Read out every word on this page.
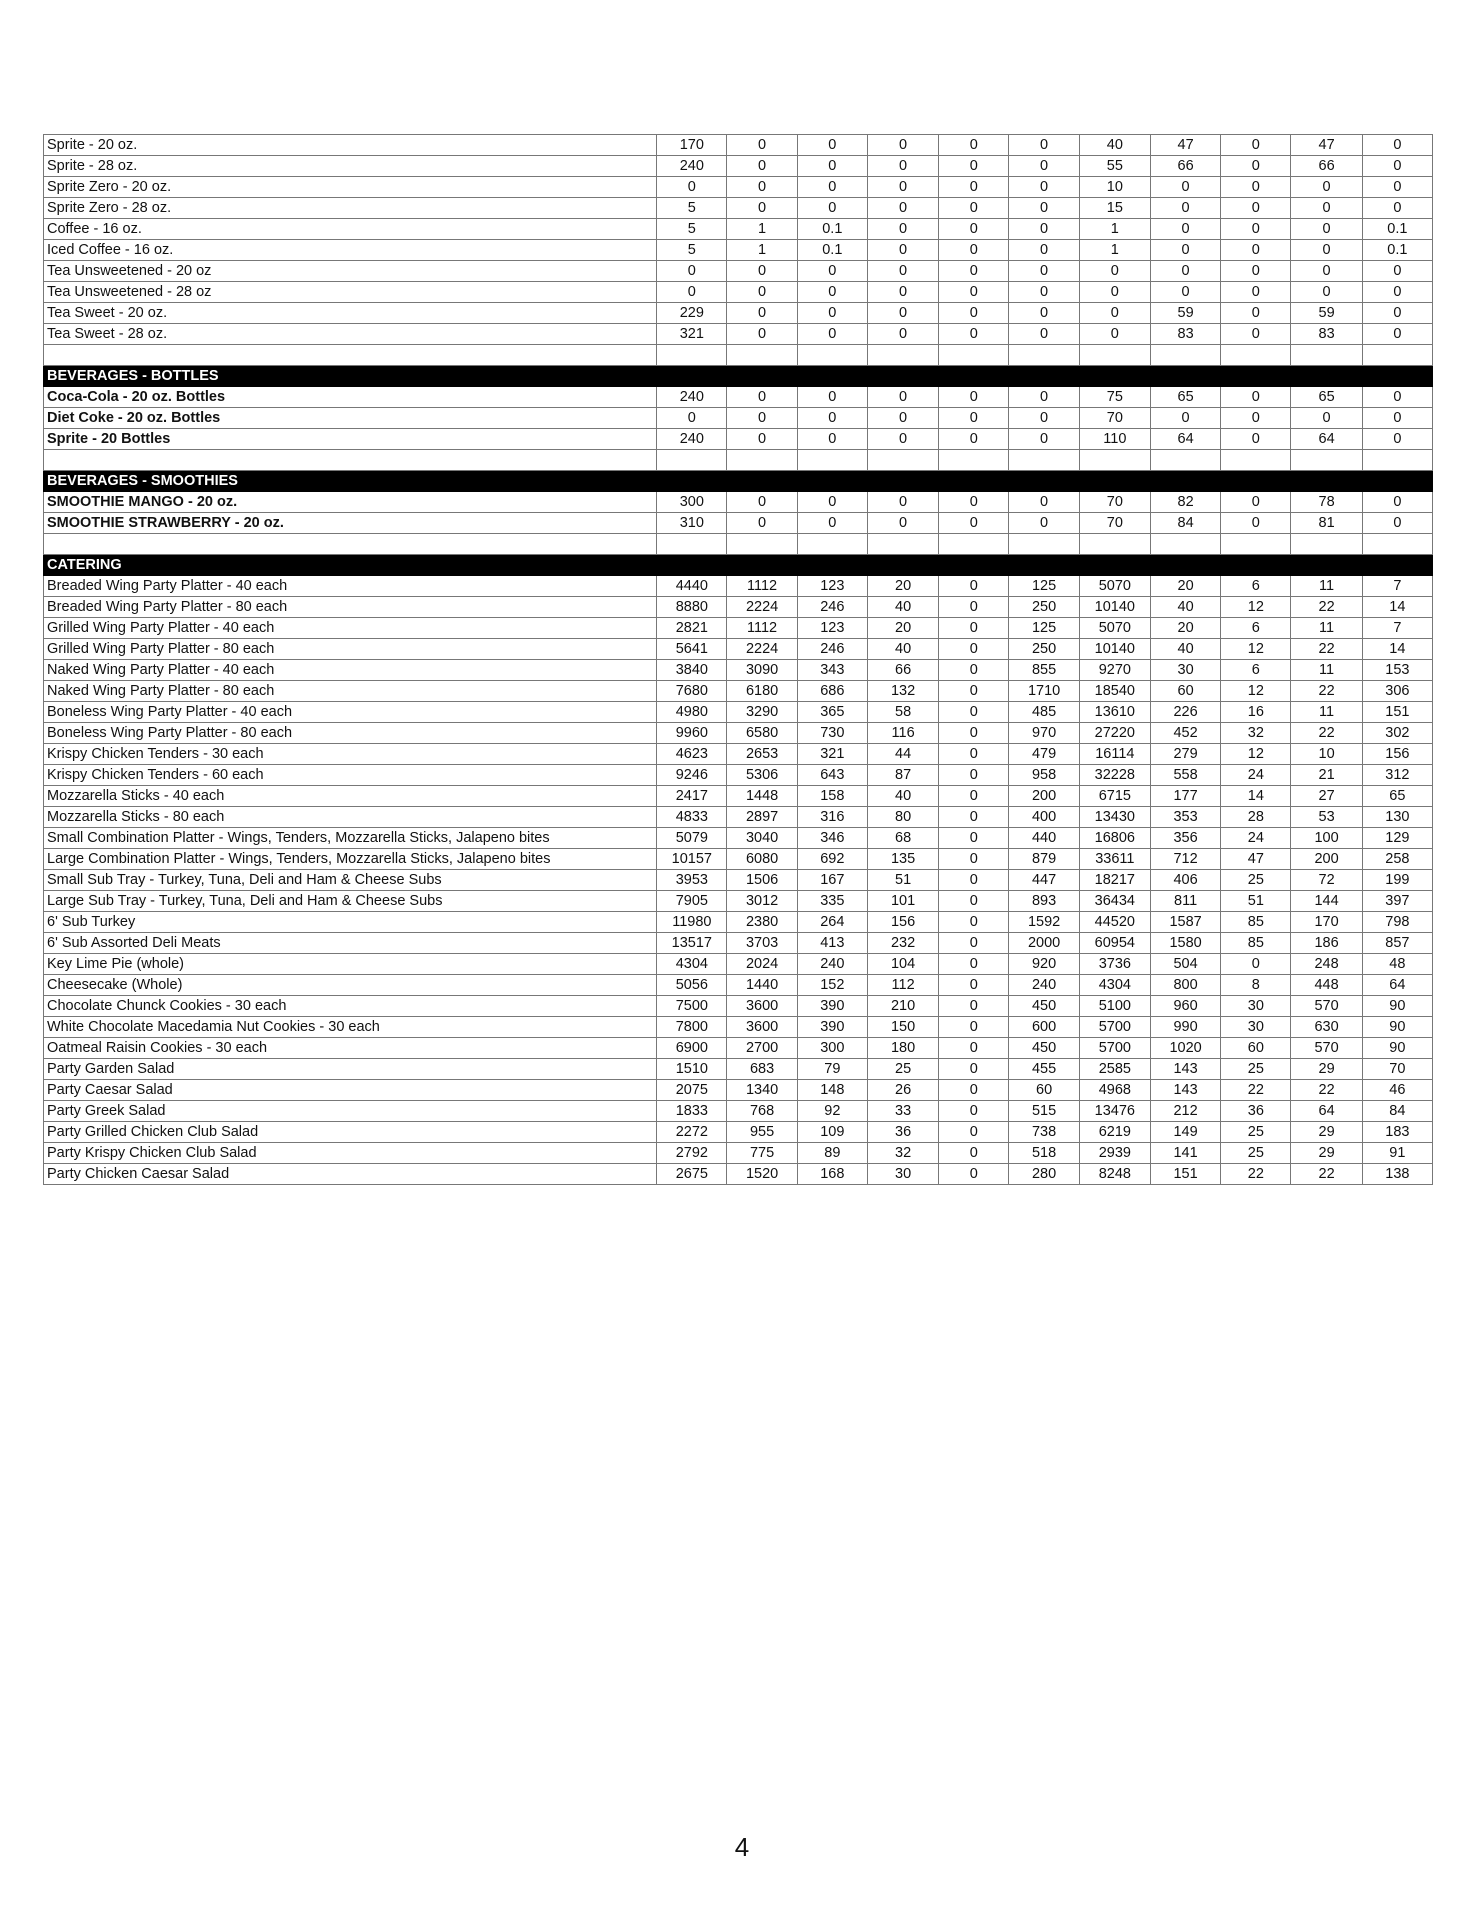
Sprite - 20 oz.	170	0	0	0	0	0	40	47	0	47	0
Sprite - 28 oz.	240	0	0	0	0	0	55	66	0	66	0
Sprite Zero - 20 oz.	0	0	0	0	0	0	10	0	0	0	0
Sprite Zero - 28 oz.	5	0	0	0	0	0	15	0	0	0	0
Coffee - 16 oz.	5	1	0.1	0	0	0	1	0	0	0	0.1
Iced Coffee - 16 oz.	5	1	0.1	0	0	0	1	0	0	0	0.1
Tea Unsweetened - 20 oz	0	0	0	0	0	0	0	0	0	0	0
Tea Unsweetened - 28 oz	0	0	0	0	0	0	0	0	0	0	0
Tea Sweet - 20 oz.	229	0	0	0	0	0	0	59	0	59	0
Tea Sweet - 28 oz.	321	0	0	0	0	0	0	83	0	83	0

BEVERAGES - BOTTLES											
Coca-Cola - 20 oz. Bottles	240	0	0	0	0	0	75	65	0	65	0
Diet Coke - 20 oz. Bottles	0	0	0	0	0	0	70	0	0	0	0
Sprite - 20 Bottles	240	0	0	0	0	0	110	64	0	64	0

BEVERAGES - SMOOTHIES											
SMOOTHIE MANGO - 20 oz.	300	0	0	0	0	0	70	82	0	78	0
SMOOTHIE STRAWBERRY - 20 oz.	310	0	0	0	0	0	70	84	0	81	0

CATERING											
Breaded Wing Party Platter - 40 each	4440	1112	123	20	0	125	5070	20	6	11	7
Breaded Wing Party Platter - 80 each	8880	2224	246	40	0	250	10140	40	12	22	14
Grilled Wing Party Platter - 40 each	2821	1112	123	20	0	125	5070	20	6	11	7
Grilled Wing Party Platter - 80 each	5641	2224	246	40	0	250	10140	40	12	22	14
Naked Wing Party Platter - 40 each	3840	3090	343	66	0	855	9270	30	6	11	153
Naked Wing Party Platter - 80 each	7680	6180	686	132	0	1710	18540	60	12	22	306
Boneless Wing Party Platter - 40 each	4980	3290	365	58	0	485	13610	226	16	11	151
Boneless Wing Party Platter - 80 each	9960	6580	730	116	0	970	27220	452	32	22	302
Krispy Chicken Tenders - 30 each	4623	2653	321	44	0	479	16114	279	12	10	156
Krispy Chicken Tenders - 60 each	9246	5306	643	87	0	958	32228	558	24	21	312
Mozzarella Sticks - 40 each	2417	1448	158	40	0	200	6715	177	14	27	65
Mozzarella Sticks - 80 each	4833	2897	316	80	0	400	13430	353	28	53	130
Small Combination Platter - Wings, Tenders, Mozzarella Sticks, Jalapeno bites	5079	3040	346	68	0	440	16806	356	24	100	129
Large Combination Platter - Wings, Tenders, Mozzarella Sticks, Jalapeno bites	10157	6080	692	135	0	879	33611	712	47	200	258
Small Sub Tray - Turkey, Tuna, Deli and Ham & Cheese Subs	3953	1506	167	51	0	447	18217	406	25	72	199
Large Sub Tray - Turkey, Tuna, Deli and Ham & Cheese Subs	7905	3012	335	101	0	893	36434	811	51	144	397
6' Sub Turkey	11980	2380	264	156	0	1592	44520	1587	85	170	798
6' Sub Assorted Deli Meats	13517	3703	413	232	0	2000	60954	1580	85	186	857
Key Lime Pie (whole)	4304	2024	240	104	0	920	3736	504	0	248	48
Cheesecake (Whole)	5056	1440	152	112	0	240	4304	800	8	448	64
Chocolate Chunck Cookies - 30 each	7500	3600	390	210	0	450	5100	960	30	570	90
White Chocolate Macedamia Nut Cookies - 30 each	7800	3600	390	150	0	600	5700	990	30	630	90
Oatmeal Raisin Cookies - 30 each	6900	2700	300	180	0	450	5700	1020	60	570	90
Party Garden Salad	1510	683	79	25	0	455	2585	143	25	29	70
Party Caesar Salad	2075	1340	148	26	0	60	4968	143	22	22	46
Party Greek Salad	1833	768	92	33	0	515	13476	212	36	64	84
Party Grilled Chicken Club Salad	2272	955	109	36	0	738	6219	149	25	29	183
Party Krispy Chicken Club Salad	2792	775	89	32	0	518	2939	141	25	29	91
Party Chicken Caesar Salad	2675	1520	168	30	0	280	8248	151	22	22	138
4
